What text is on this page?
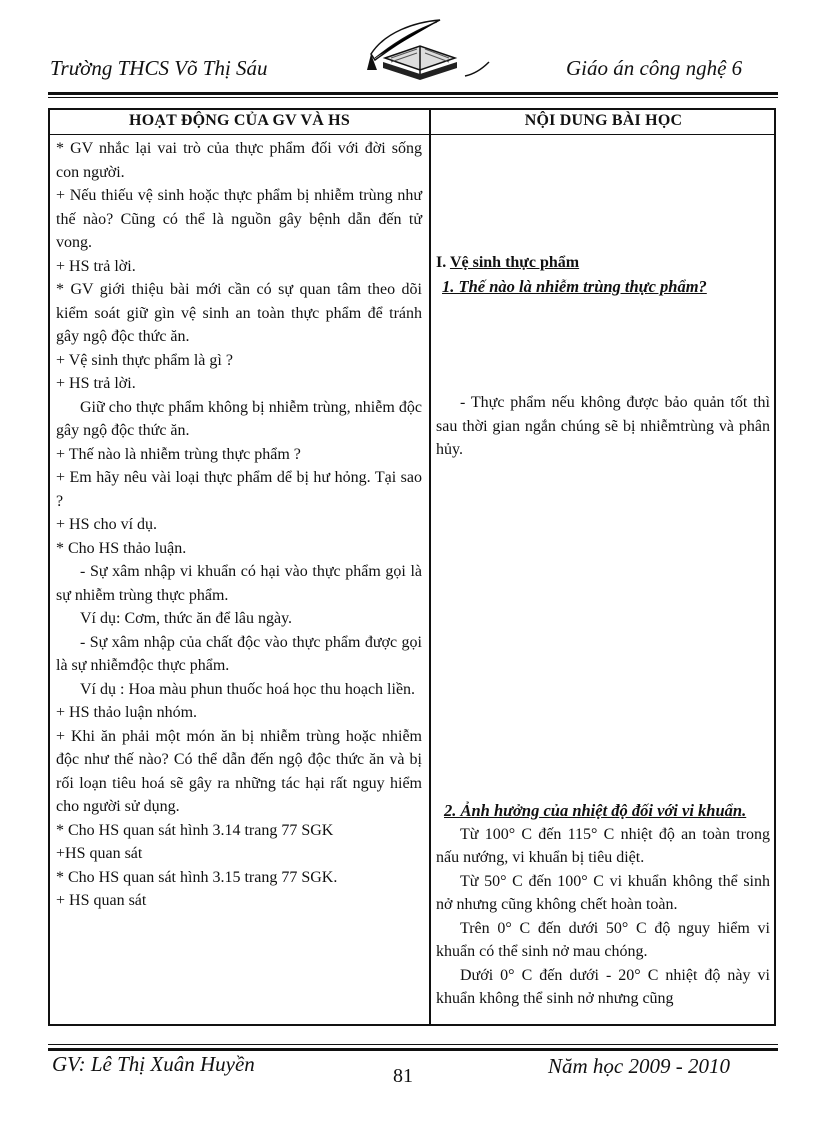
Trường THCS Võ Thị Sáu	Giáo án công nghệ 6
HOẠT ĐỘNG CỦA GV VÀ HS	NỘI DUNG BÀI HỌC

* GV nhắc lại vai trò của thực phẩm đối với đời sống con người.

+ Nếu thiếu vệ sinh hoặc thực phẩm bị nhiễm trùng như thế nào? Cũng có thể là nguồn gây bệnh dẫn đến tử vong.

+ HS trả lời.

* GV giới thiệu bài mới cần có sự quan tâm theo dõi kiểm soát giữ gìn vệ sinh an toàn thực phẩm để tránh gây ngộ độc thức ăn.

+ Vệ sinh thực phẩm là gì ?

+ HS trả lời.

Giữ cho thực phẩm không bị nhiễm trùng, nhiễm độc gây ngộ độc thức ăn.

+ Thế nào là nhiễm trùng thực phẩm ?

+ Em hãy nêu vài loại thực phẩm dể bị hư hỏng. Tại sao ?

+ HS cho ví dụ.

* Cho HS thảo luận.

- Sự xâm nhập vi khuẩn có hại vào thực phẩm gọi là sự nhiễm trùng thực phẩm.

Ví dụ: Cơm, thức ăn để lâu ngày.

- Sự xâm nhập của chất độc vào thực phẩm được gọi là sự nhiễmđộc thực phẩm.

Ví dụ : Hoa màu phun thuốc hoá học thu hoạch liền.

+ HS thảo luận nhóm.

+ Khi ăn phải một món ăn bị nhiễm trùng hoặc nhiễm độc như thế nào? Có thể dẫn đến ngộ độc thức ăn và bị rối loạn tiêu hoá sẽ gây ra những tác hại rất nguy hiểm cho người sử dụng.

* Cho HS quan sát hình 3.14 trang 77 SGK

+HS quan sát

* Cho HS quan sát hình 3.15 trang 77 SGK.

+ HS quan sát

I. Vệ sinh thực phẩm

1. Thế nào là nhiễm trùng thực phẩm?

- Thực phẩm nếu không được bảo quản tốt thì sau thời gian ngắn chúng sẽ bị nhiễmtrùng và phân hủy.

2. Ảnh hưởng của nhiệt độ đối với vi khuẩn.

Từ 100° C đến 115° C nhiệt độ an toàn trong nấu nướng, vi khuẩn bị tiêu diệt.

Từ 50° C đến 100° C vi khuẩn không thể sinh nở nhưng cũng không chết hoàn toàn.

Trên 0° C đến dưới 50° C độ nguy hiểm vi khuẩn có thể sinh nở mau chóng.

Dưới 0° C đến dưới - 20° C nhiệt độ này vi khuẩn không thể sinh nở nhưng cũng

GV: Lê Thị Xuân Huyền	81	Năm học 2009 - 2010
